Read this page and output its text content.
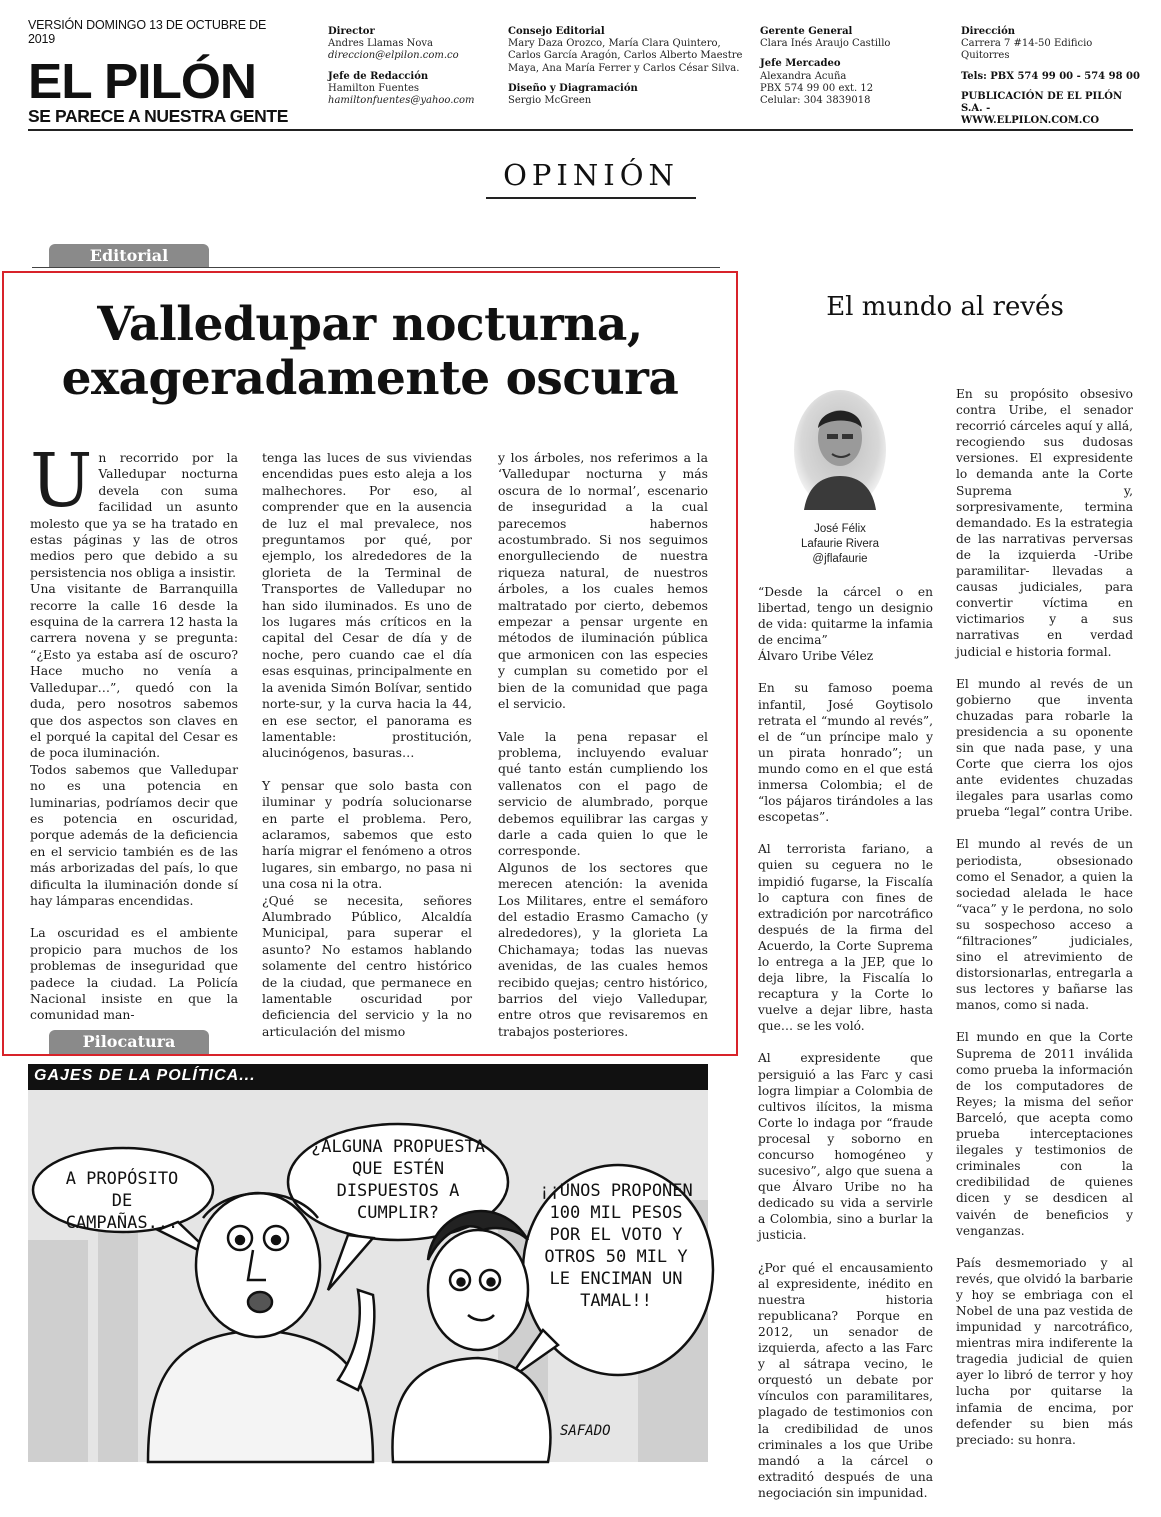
VERSIÓN DOMINGO 13 DE OCTUBRE DE 2019
EL PILÓN
SE PARECE A NUESTRA GENTE
Director
Andres Llamas Nova
direccion@elpilon.com.co
Jefe de Redacción
Hamilton Fuentes
hamiltonfuentes@yahoo.com
Consejo Editorial
Mary Daza Orozco, María Clara Quintero,
Carlos García Aragón, Carlos Alberto Maestre
Maya, Ana María Ferrer y Carlos César Silva.
Diseño y Diagramación
Sergio McGreen
Gerente General
Clara Inés Araujo Castillo
Jefe Mercadeo
Alexandra Acuña
PBX 574 99 00 ext. 12
Celular: 304 3839018
Dirección
Carrera 7 #14-50 Edificio Quitorres
Tels: PBX 574 99 00 - 574 98 00
PUBLICACIÓN DE EL PILÓN S.A. -
WWW.ELPILON.COM.CO
OPINIÓN
Editorial
Valledupar nocturna,
exageradamente oscura

Un recorrido por la Valledupar nocturna devela con suma facilidad un asunto molesto que ya se ha tratado en estas páginas y las de otros medios pero que debido a su persistencia nos obliga a insistir.

Una visitante de Barranquilla recorre la calle 16 desde la esquina de la carrera 12 hasta la carrera novena y se pregunta: “¿Esto ya estaba así de oscuro? Hace mucho no venía a Valledupar…”, quedó con la duda, pero nosotros sabemos que dos aspectos son claves en el porqué la capital del Cesar es de poca iluminación.

Todos sabemos que Valledupar no es una potencia en luminarias, podríamos decir que es potencia en oscuridad, porque además de la deficiencia en el servicio también es de las más arborizadas del país, lo que dificulta la iluminación donde sí hay lámparas encendidas.

La oscuridad es el ambiente propicio para muchos de los problemas de inseguridad que padece la ciudad. La Policía Nacional insiste en que la comunidad man-

tenga las luces de sus viviendas encendidas pues esto aleja a los malhechores. Por eso, al comprender que en la ausencia de luz el mal prevalece, nos preguntamos por qué, por ejemplo, los alrededores de la glorieta de la Terminal de Transportes de Valledupar no han sido iluminados. Es uno de los lugares más críticos en la capital del Cesar de día y de noche, pero cuando cae el día esas esquinas, principalmente en la avenida Simón Bolívar, sentido norte-sur, y la curva hacia la 44, en ese sector, el panorama es lamentable: prostitución, alucinógenos, basuras…

Y pensar que solo basta con iluminar y podría solucionarse en parte el problema. Pero, aclaramos, sabemos que esto haría migrar el fenómeno a otros lugares, sin embargo, no pasa ni una cosa ni la otra.

¿Qué se necesita, señores Alumbrado Público, Alcaldía Municipal, para superar el asunto? No estamos hablando solamente del centro histórico de la ciudad, que permanece en lamentable oscuridad por deficiencia del servicio y la no articulación del mismo

y los árboles, nos referimos a la ‘Valledupar nocturna y más oscura de lo normal’, escenario de inseguridad a la cual parecemos habernos acostumbrado. Si nos seguimos enorgulleciendo de nuestra riqueza natural, de nuestros árboles, a los cuales hemos maltratado por cierto, debemos empezar a pensar urgente en métodos de iluminación pública que armonicen con las especies y cumplan su cometido por el bien de la comunidad que paga el servicio.

Vale la pena repasar el problema, incluyendo evaluar qué tanto están cumpliendo los vallenatos con el pago de servicio de alumbrado, porque debemos equilibrar las cargas y darle a cada quien lo que le corresponde.

Algunos de los sectores que merecen atención: la avenida Los Militares, entre el semáforo del estadio Erasmo Camacho (y alrededores), y la glorieta La Chichamaya; todas las nuevas avenidas, de las cuales hemos recibido quejas; centro histórico, barrios del viejo Valledupar, entre otros que revisaremos en trabajos posteriores.

Pilocatura
GAJES DE LA POLÍTICA...
A PROPÓSITO DE CAMPAÑAS...
¿ALGUNA PROPUESTA QUE ESTÉN DISPUESTOS A CUMPLIR?
¡¡UNOS PROPONEN 100 MIL PESOS POR EL VOTO Y OTROS 50 MIL Y LE ENCIMAN UN TAMAL!!
SAFADO
El mundo al revés
José Félix
Lafaurie Rivera
@jflafaurie

“Desde la cárcel o en libertad, tengo un designio de vida: quitarme la infamia de encima”

Álvaro Uribe Vélez

En su famoso poema infantil, José Goytisolo retrata el “mundo al revés”, el de “un príncipe malo y un pirata honrado”; un mundo como en el que está inmersa Colombia; el de “los pájaros tirándoles a las escopetas”.

Al terrorista fariano, a quien su ceguera no le impidió fugarse, la Fiscalía lo captura con fines de extradición por narcotráfico después de la firma del Acuerdo, la Corte Suprema lo entrega a la JEP, que lo deja libre, la Fiscalía lo recaptura y la Corte lo vuelve a dejar libre, hasta que… se les voló.

Al expresidente que persiguió a las Farc y casi logra limpiar a Colombia de cultivos ilícitos, la misma Corte lo indaga por “fraude procesal y soborno en concurso homogéneo y sucesivo”, algo que suena a que Álvaro Uribe no ha dedicado su vida a servirle a Colombia, sino a burlar la justicia.

¿Por qué el encausamiento al expresidente, inédito en nuestra historia republicana? Porque en 2012, un senador de izquierda, afecto a las Farc y al sátrapa vecino, le orquestó un debate por vínculos con paramilitares, plagado de testimonios con la credibilidad de unos criminales a los que Uribe mandó a la cárcel o extraditó después de una negociación sin impunidad.

En su propósito obsesivo contra Uribe, el senador recorrió cárceles aquí y allá, recogiendo sus dudosas versiones. El expresidente lo demanda ante la Corte Suprema y, sorpresivamente, termina demandado. Es la estrategia de las narrativas perversas de la izquierda -Uribe paramilitar- llevadas a causas judiciales, para convertir víctima en victimarios y a sus narrativas en verdad judicial e historia formal.

El mundo al revés de un gobierno que inventa chuzadas para robarle la presidencia a su oponente sin que nada pase, y una Corte que cierra los ojos ante evidentes chuzadas ilegales para usarlas como prueba “legal” contra Uribe.

El mundo al revés de un periodista, obsesionado como el Senador, a quien la sociedad alelada le hace “vaca” y le perdona, no solo su sospechoso acceso a “filtraciones” judiciales, sino el atrevimiento de distorsionarlas, entregarla a sus lectores y bañarse las manos, como si nada.

El mundo en que la Corte Suprema de 2011 inválida como prueba la información de los computadores de Reyes; la misma del señor Barceló, que acepta como prueba interceptaciones ilegales y testimonios de criminales con la credibilidad de quienes dicen y se desdicen al vaivén de beneficios y venganzas.

País desmemoriado y al revés, que olvidó la barbarie y hoy se embriaga con el Nobel de una paz vestida de impunidad y narcotráfico, mientras mira indiferente la tragedia judicial de quien ayer lo libró de terror y hoy lucha por quitarse la infamia de encima, por defender su bien más preciado: su honra.
